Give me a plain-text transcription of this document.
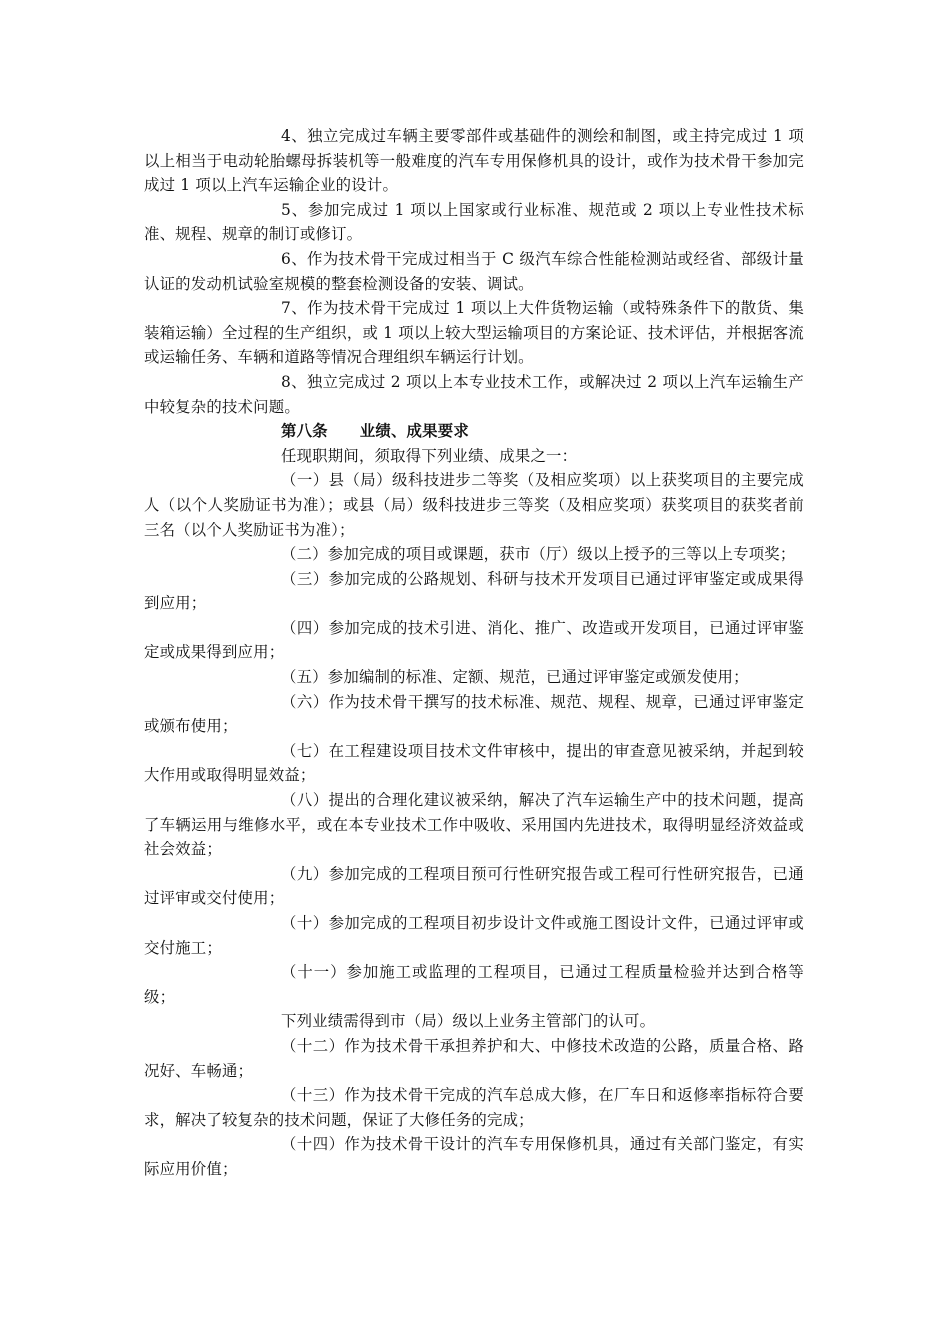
4、独立完成过车辆主要零部件或基础件的测绘和制图，或主持完成过 1 项以上相当于电动轮胎螺母拆装机等一般难度的汽车专用保修机具的设计，或作为技术骨干参加完成过 1 项以上汽车运输企业的设计。

5、参加完成过 1 项以上国家或行业标准、规范或 2 项以上专业性技术标准、规程、规章的制订或修订。

6、作为技术骨干完成过相当于 C 级汽车综合性能检测站或经省、部级计量认证的发动机试验室规模的整套检测设备的安装、调试。

7、作为技术骨干完成过 1 项以上大件货物运输（或特殊条件下的散货、集装箱运输）全过程的生产组织，或 1 项以上较大型运输项目的方案论证、技术评估，并根据客流或运输任务、车辆和道路等情况合理组织车辆运行计划。

8、独立完成过 2 项以上本专业技术工作，或解决过 2 项以上汽车运输生产中较复杂的技术问题。

第八条 业绩、成果要求

任现职期间，须取得下列业绩、成果之一：

（一）县（局）级科技进步二等奖（及相应奖项）以上获奖项目的主要完成人（以个人奖励证书为准）；或县（局）级科技进步三等奖（及相应奖项）获奖项目的获奖者前三名（以个人奖励证书为准）；

（二）参加完成的项目或课题，获市（厅）级以上授予的三等以上专项奖；

（三）参加完成的公路规划、科研与技术开发项目已通过评审鉴定或成果得到应用；

（四）参加完成的技术引进、消化、推广、改造或开发项目，已通过评审鉴定或成果得到应用；

（五）参加编制的标准、定额、规范，已通过评审鉴定或颁发使用；

（六）作为技术骨干撰写的技术标准、规范、规程、规章，已通过评审鉴定或颁布使用；

（七）在工程建设项目技术文件审核中，提出的审查意见被采纳，并起到较大作用或取得明显效益；

（八）提出的合理化建议被采纳，解决了汽车运输生产中的技术问题，提高了车辆运用与维修水平，或在本专业技术工作中吸收、采用国内先进技术，取得明显经济效益或社会效益；

（九）参加完成的工程项目预可行性研究报告或工程可行性研究报告，已通过评审或交付使用；

（十）参加完成的工程项目初步设计文件或施工图设计文件，已通过评审或交付施工；

（十一）参加施工或监理的工程项目，已通过工程质量检验并达到合格等级；

下列业绩需得到市（局）级以上业务主管部门的认可。

（十二）作为技术骨干承担养护和大、中修技术改造的公路，质量合格、路况好、车畅通；

（十三）作为技术骨干完成的汽车总成大修，在厂车日和返修率指标符合要求，解决了较复杂的技术问题，保证了大修任务的完成；

（十四）作为技术骨干设计的汽车专用保修机具，通过有关部门鉴定，有实际应用价值；
